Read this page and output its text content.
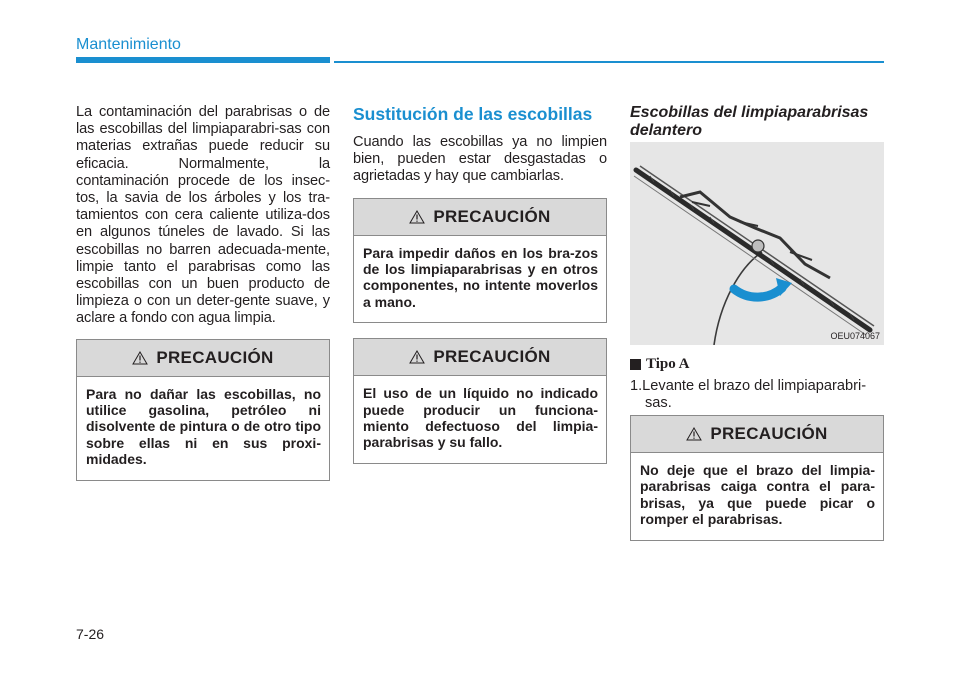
Mantenimiento

La contaminación del parabrisas o de las escobillas del limpiaparabri-sas con materias extrañas puede reducir su eficacia. Normalmente, la contaminación procede de los insec-tos, la savia de los árboles y los tra-tamientos con cera caliente utiliza-dos en algunos túneles de lavado. Si las escobillas no barren adecuada-mente, limpie tanto el parabrisas como las escobillas con un buen producto de limpieza o con un deter-gente suave, y aclare a fondo con agua limpia.

PRECAUCIÓN
Para no dañar las escobillas, no utilice gasolina, petróleo ni disolvente de pintura o de otro tipo sobre ellas ni en sus proxi-midades.
Sustitución de las escobillas

Cuando las escobillas ya no limpien bien, pueden estar desgastadas o agrietadas y hay que cambiarlas.

PRECAUCIÓN
Para impedir daños en los bra-zos de los limpiaparabrisas y en otros componentes, no intente moverlos a mano.
PRECAUCIÓN
El uso de un líquido no indicado puede producir un funciona-miento defectuoso del limpia-parabrisas y su fallo.
Escobillas del limpiaparabrisas delantero
OEU074067
Tipo A
1.Levante el brazo del limpiaparabri-
sas.
PRECAUCIÓN
No deje que el brazo del limpia-parabrisas caiga contra el para-brisas, ya que puede picar o romper el parabrisas.
7-26
